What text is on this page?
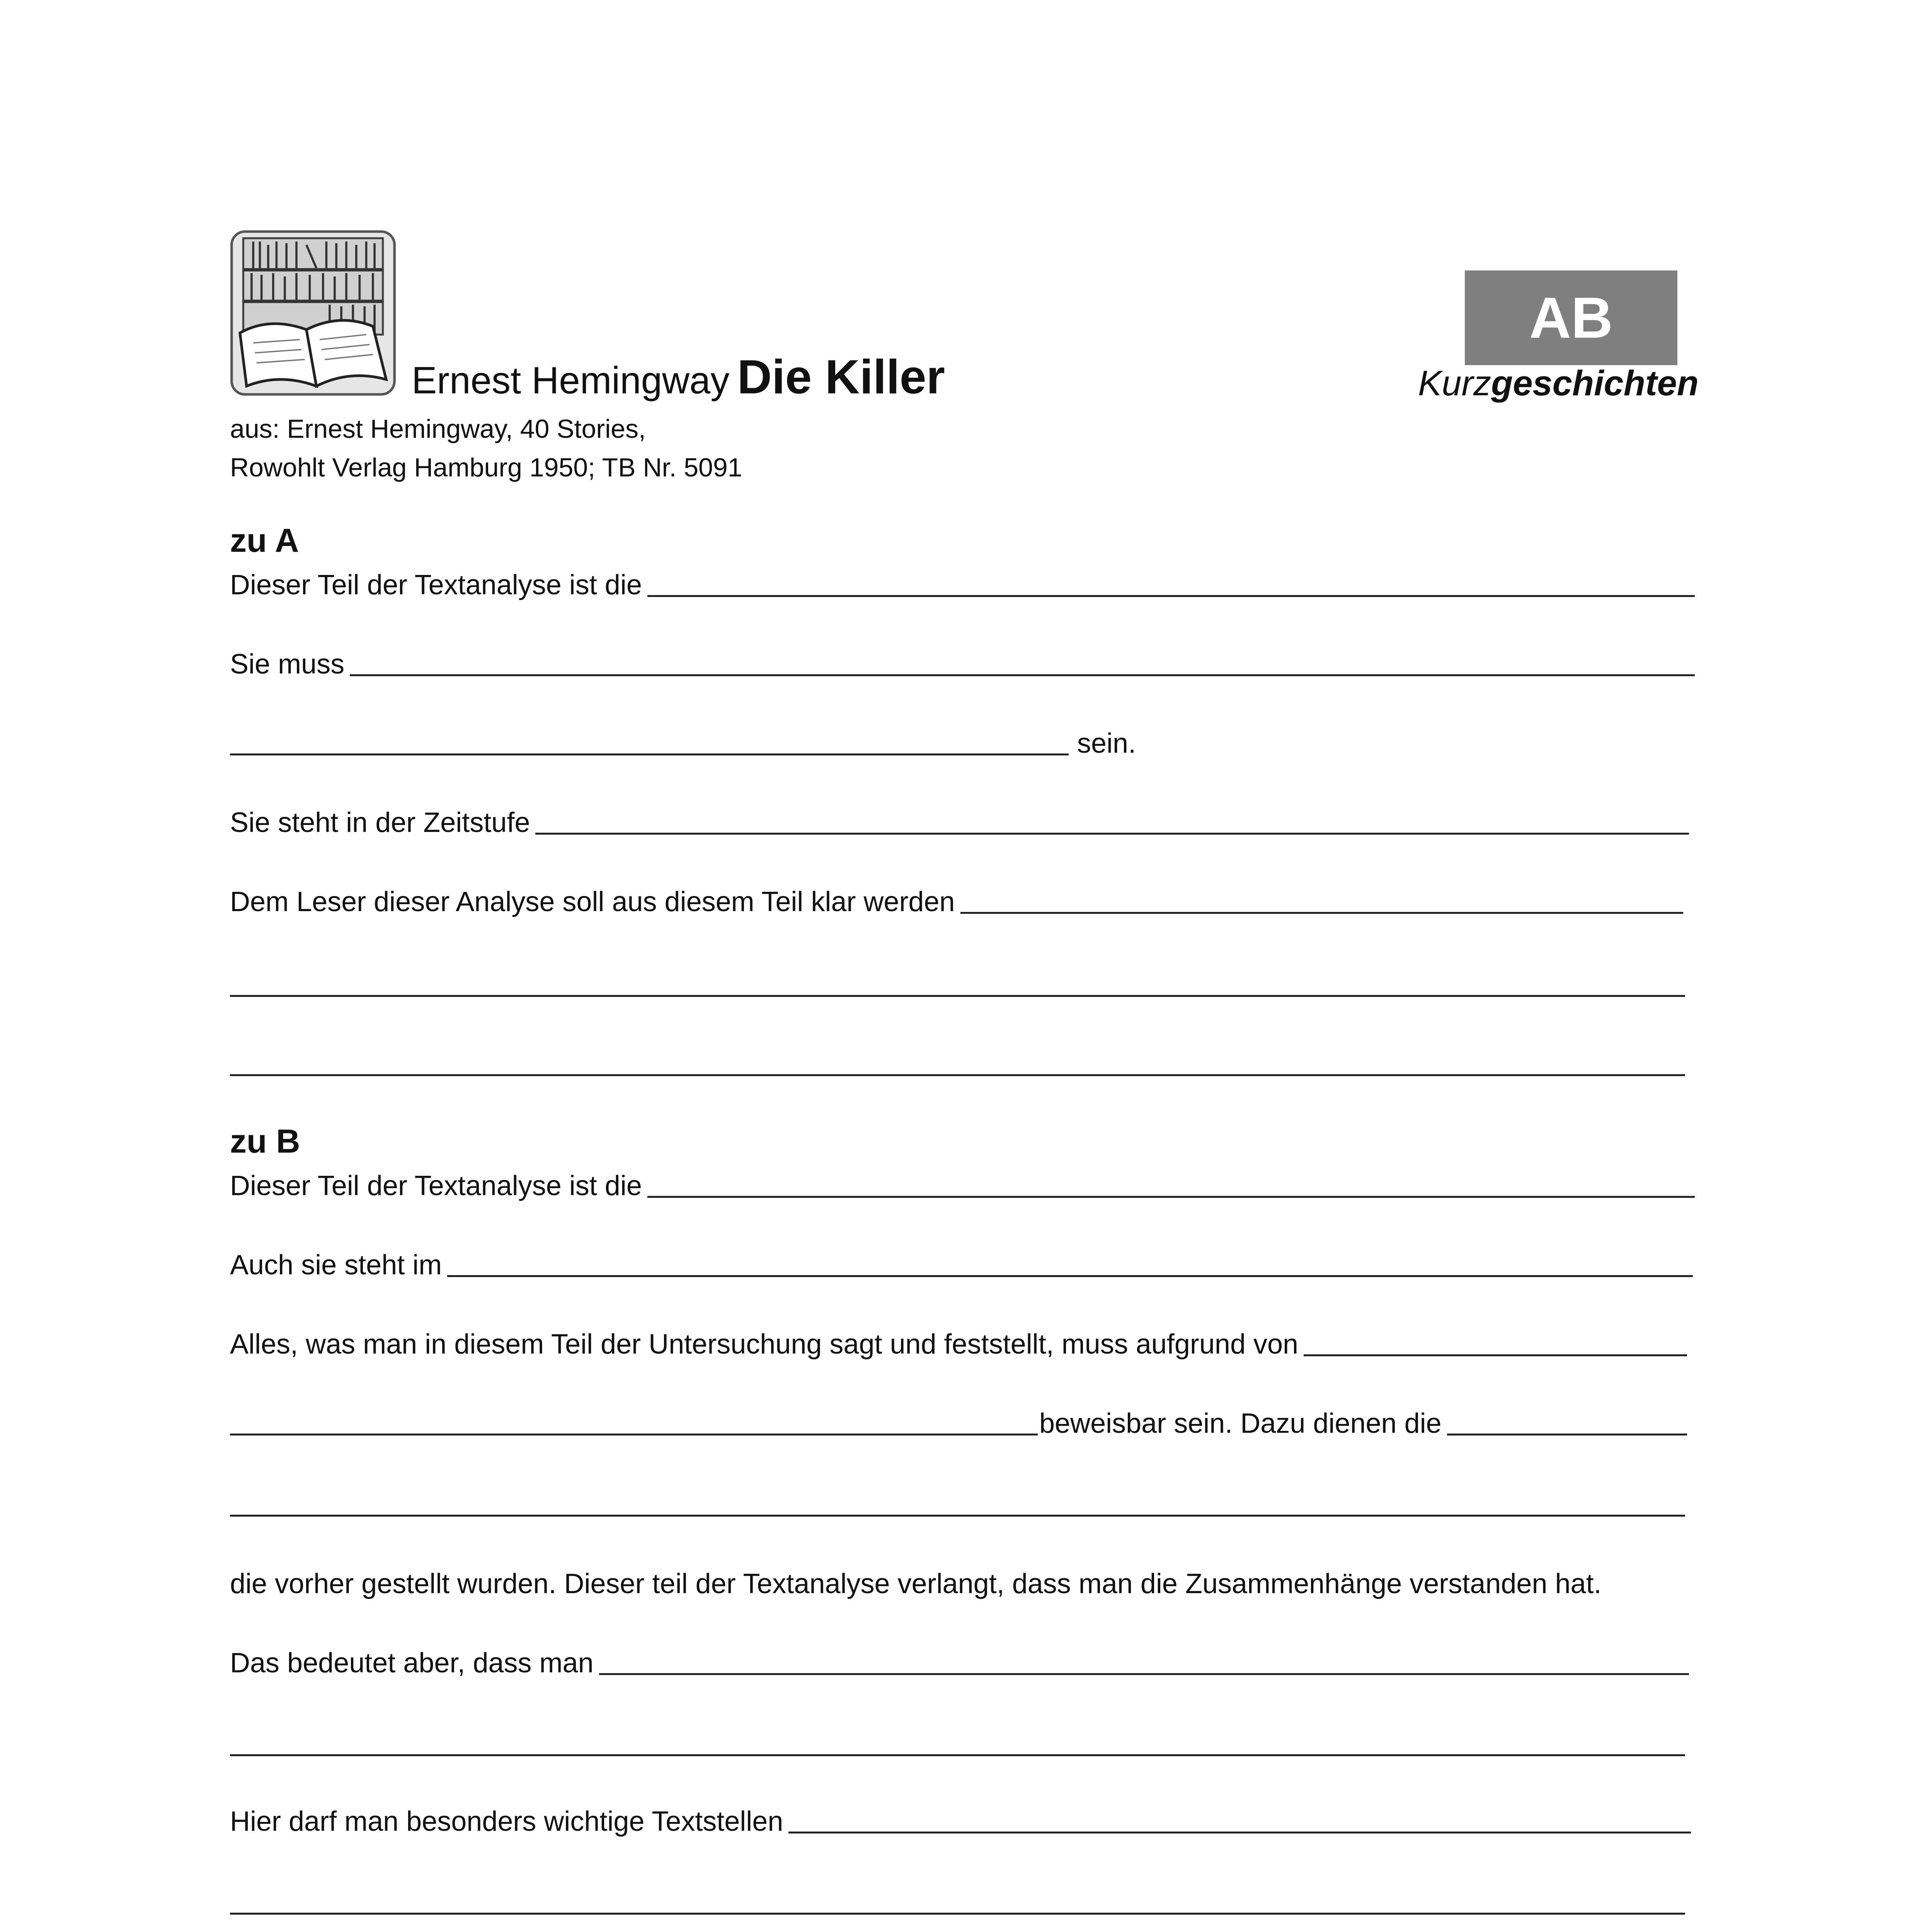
Ernest Hemingway Die Killer
aus: Ernest Hemingway, 40 Stories,
Rowohlt Verlag Hamburg 1950; TB Nr. 5091
AB
Kurzgeschichten
zu A
Dieser Teil der Textanalyse ist die
Sie muss
sein.
Sie steht in der Zeitstufe
Dem Leser dieser Analyse soll aus diesem Teil klar werden
zu B
Dieser Teil der Textanalyse ist die
Auch sie steht im
Alles, was man in diesem Teil der Untersuchung sagt und feststellt, muss aufgrund von
beweisbar sein. Dazu dienen die
die vorher gestellt wurden. Dieser teil der Textanalyse verlangt, dass man die Zusammenhänge verstanden hat.
Das bedeutet aber, dass man
Hier darf man besonders wichtige Textstellen
